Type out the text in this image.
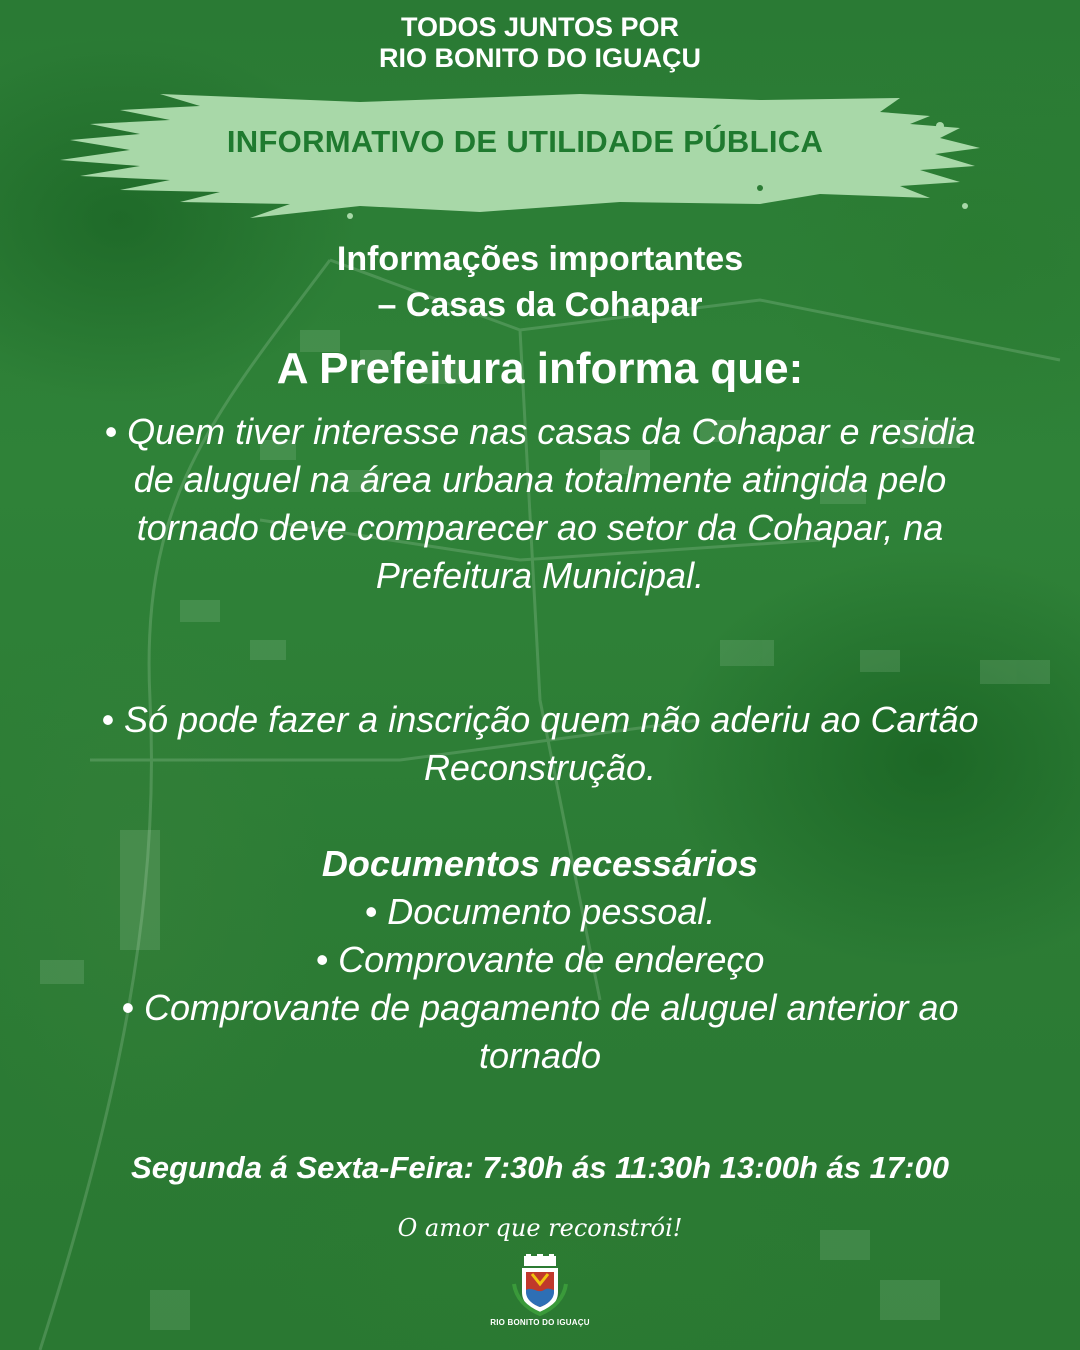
TODOS JUNTOS POR
RIO BONITO DO IGUAÇU
INFORMATIVO DE UTILIDADE PÚBLICA
Informações importantes
– Casas da Cohapar
A Prefeitura informa que:
• Quem tiver interesse nas casas da Cohapar e residia de aluguel na área urbana totalmente atingida pelo tornado deve comparecer ao setor da Cohapar, na Prefeitura Municipal.
• Só pode fazer a inscrição quem não aderiu ao Cartão Reconstrução.
Documentos necessários
• Documento pessoal.
• Comprovante de endereço
• Comprovante de pagamento de aluguel anterior ao tornado
Segunda á Sexta-Feira: 7:30h ás 11:30h 13:00h ás 17:00
O amor que reconstrói!
RIO BONITO DO IGUAÇU
